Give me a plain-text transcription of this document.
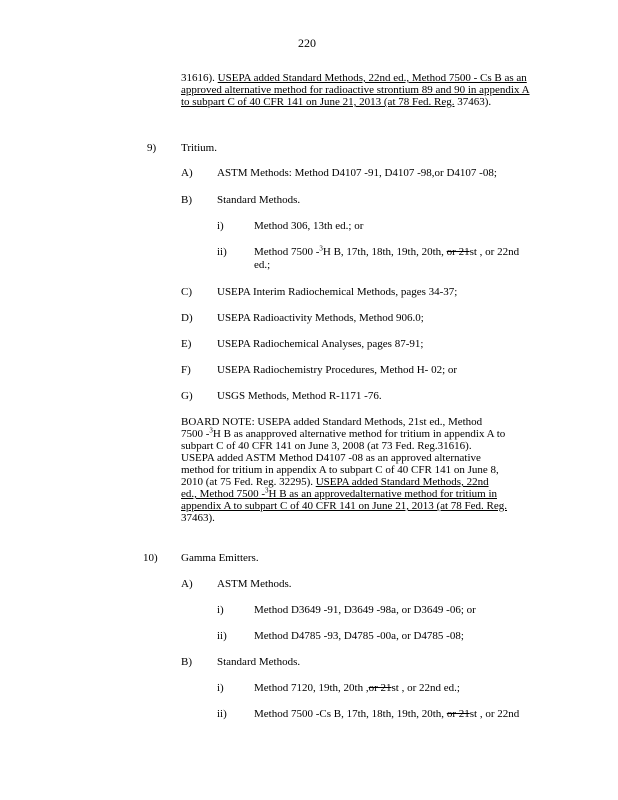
220
31616). USEPA added Standard Methods, 22nd ed., Method 7500 - Cs B as an approved alternative method for radioactive strontium 89 and 90 in appendix A to subpart C of 40 CFR 141 on June 21, 2013 (at 78 Fed. Reg. 37463).
9) Tritium.
A) ASTM Methods: Method D4107 -91, D4107 -98,or D4107 -08;
B) Standard Methods.
i)	Method 306, 13th ed.; or
ii) Method 7500 -$^3$H B, 17th, 18th, 19th, 20th, or 21st , or 22nd
ed.;
C) USEPA Interim Radiochemical Methods, pages 34-37;
D) USEPA Radioactivity Methods, Method 906.0;
E) USEPA Radiochemical Analyses, pages 87-91;
F) USEPA Radiochemistry Procedures, Method H- 02; or
G) USGS Methods, Method R-1171 -76.
BOARD NOTE: USEPA added Standard Methods, 21st ed., Method
7500 -$^3$H B as anapproved alternative method for tritium in appendix A to
subpart C of 40 CFR 141 on June 3, 2008 (at 73 Fed. Reg.31616).
USEPA added ASTM Method D4107 -08 as an approved alternative
method for tritium in appendix A to subpart C of 40 CFR 141 on June 8,
2010 (at 75 Fed. Reg. 32295). USEPA added Standard Methods, 22nd
ed., Method 7500 -$^3$H B as an approvedalternative method for tritium in
appendix A to subpart C of 40 CFR 141 on June 21, 2013 (at 78 Fed. Reg.
37463).
10) Gamma Emitters.
A) ASTM Methods.
i)	Method D3649 -91, D3649 -98a, or D3649 -06; or
ii) Method D4785 -93, D4785 -00a, or D4785 -08;
B) Standard Methods.
i)	Method 7120, 19th, 20th ,or 21st , or 22nd ed.;
ii) Method 7500 -Cs B, 17th, 18th, 19th, 20th, or 21st , or 22nd
